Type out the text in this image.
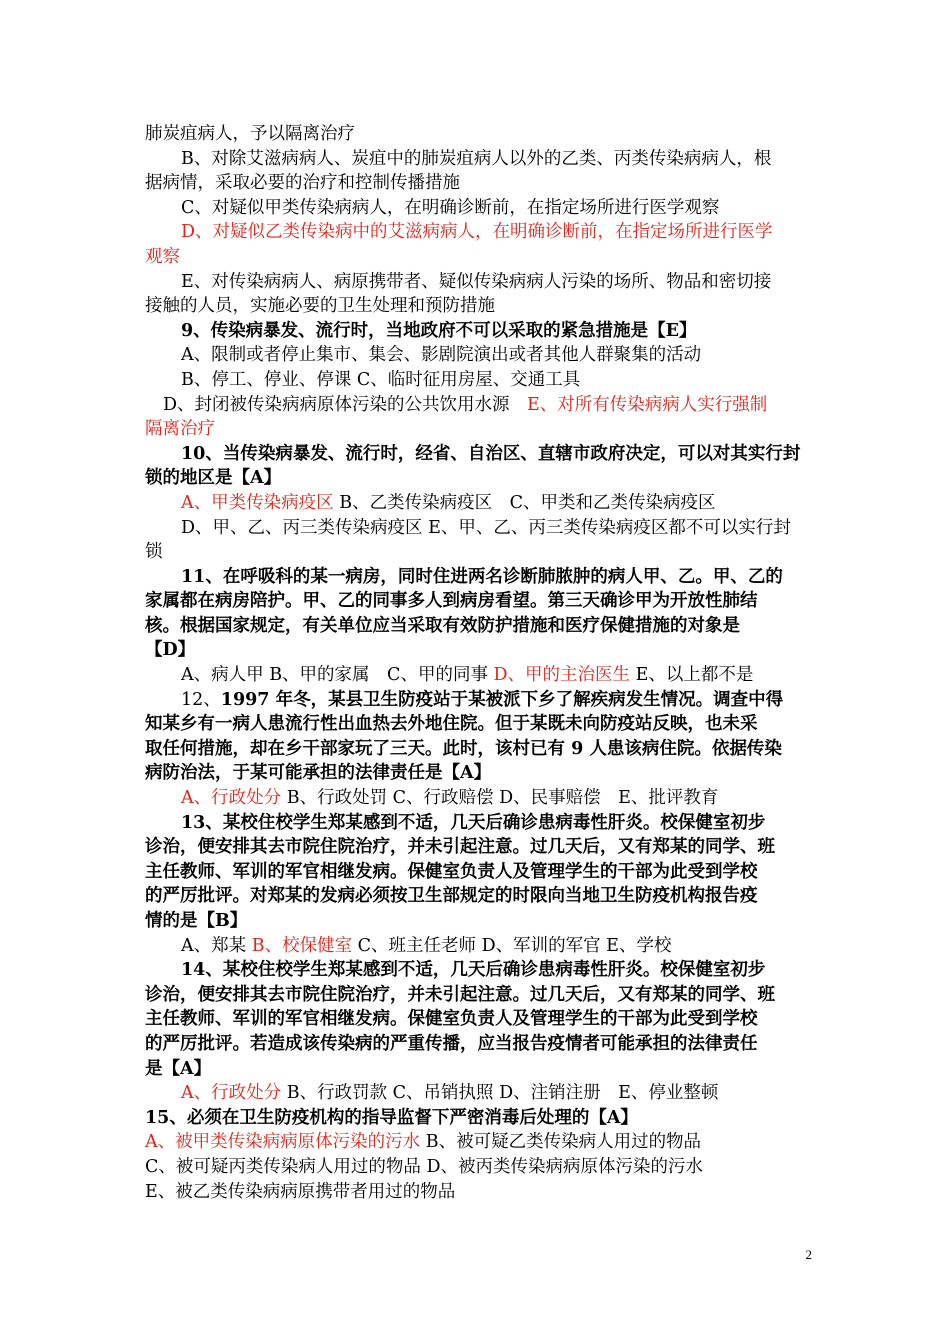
肺炭疽病人，予以隔离治疗
B、对除艾滋病病人、炭疽中的肺炭疽病人以外的乙类、丙类传染病病人，根
据病情，采取必要的治疗和控制传播措施
C、对疑似甲类传染病病人，在明确诊断前，在指定场所进行医学观察
D、对疑似乙类传染病中的艾滋病病人，在明确诊断前，在指定场所进行医学
观察
E、对传染病病人、病原携带者、疑似传染病病人污染的场所、物品和密切接
接触的人员，实施必要的卫生处理和预防措施
9、传染病暴发、流行时，当地政府不可以采取的紧急措施是【E】
A、限制或者停止集市、集会、影剧院演出或者其他人群聚集的活动
B、停工、停业、停课 C、临时征用房屋、交通工具
D、封闭被传染病病原体污染的公共饮用水源　 E、对所有传染病病人实行强制
隔离治疗
10、当传染病暴发、流行时，经省、自治区、直辖市政府决定，可以对其实行封
锁的地区是【A】
A、甲类传染病疫区 B、乙类传染病疫区　C、甲类和乙类传染病疫区
D、甲、乙、丙三类传染病疫区 E、甲、乙、丙三类传染病疫区都不可以实行封
锁
11、在呼吸科的某一病房，同时住进两名诊断肺脓肿的病人甲、乙。甲、乙的
家属都在病房陪护。甲、乙的同事多人到病房看望。第三天确诊甲为开放性肺结
核。根据国家规定，有关单位应当采取有效防护措施和医疗保健措施的对象是
【D】
A、病人甲 B、甲的家属　C、甲的同事 D、甲的主治医生 E、以上都不是
12、1997 年冬，某县卫生防疫站于某被派下乡了解疾病发生情况。调查中得
知某乡有一病人患流行性出血热去外地住院。但于某既未向防疫站反映，也未采
取任何措施，却在乡干部家玩了三天。此时，该村已有 9 人患该病住院。依据传染
病防治法，于某可能承担的法律责任是【A】
A、行政处分 B、行政处罚 C、行政赔偿 D、民事赔偿　E、批评教育
13、某校住校学生郑某感到不适，几天后确诊患病毒性肝炎。校保健室初步
诊治，便安排其去市院住院治疗，并未引起注意。过几天后，又有郑某的同学、班
主任教师、军训的军官相继发病。保健室负责人及管理学生的干部为此受到学校
的严厉批评。对郑某的发病必须按卫生部规定的时限向当地卫生防疫机构报告疫
情的是【B】
A、郑某 B、校保健室 C、班主任老师 D、军训的军官 E、学校
14、某校住校学生郑某感到不适，几天后确诊患病毒性肝炎。校保健室初步
诊治，便安排其去市院住院治疗，并未引起注意。过几天后，又有郑某的同学、班
主任教师、军训的军官相继发病。保健室负责人及管理学生的干部为此受到学校
的严厉批评。若造成该传染病的严重传播，应当报告疫情者可能承担的法律责任
是【A】
A、行政处分 B、行政罚款 C、吊销执照 D、注销注册　E、停业整顿
15、必须在卫生防疫机构的指导监督下严密消毒后处理的【A】
A、被甲类传染病病原体污染的污水 B、被可疑乙类传染病人用过的物品
C、被可疑丙类传染病人用过的物品 D、被丙类传染病病原体污染的污水
E、被乙类传染病病原携带者用过的物品
2
